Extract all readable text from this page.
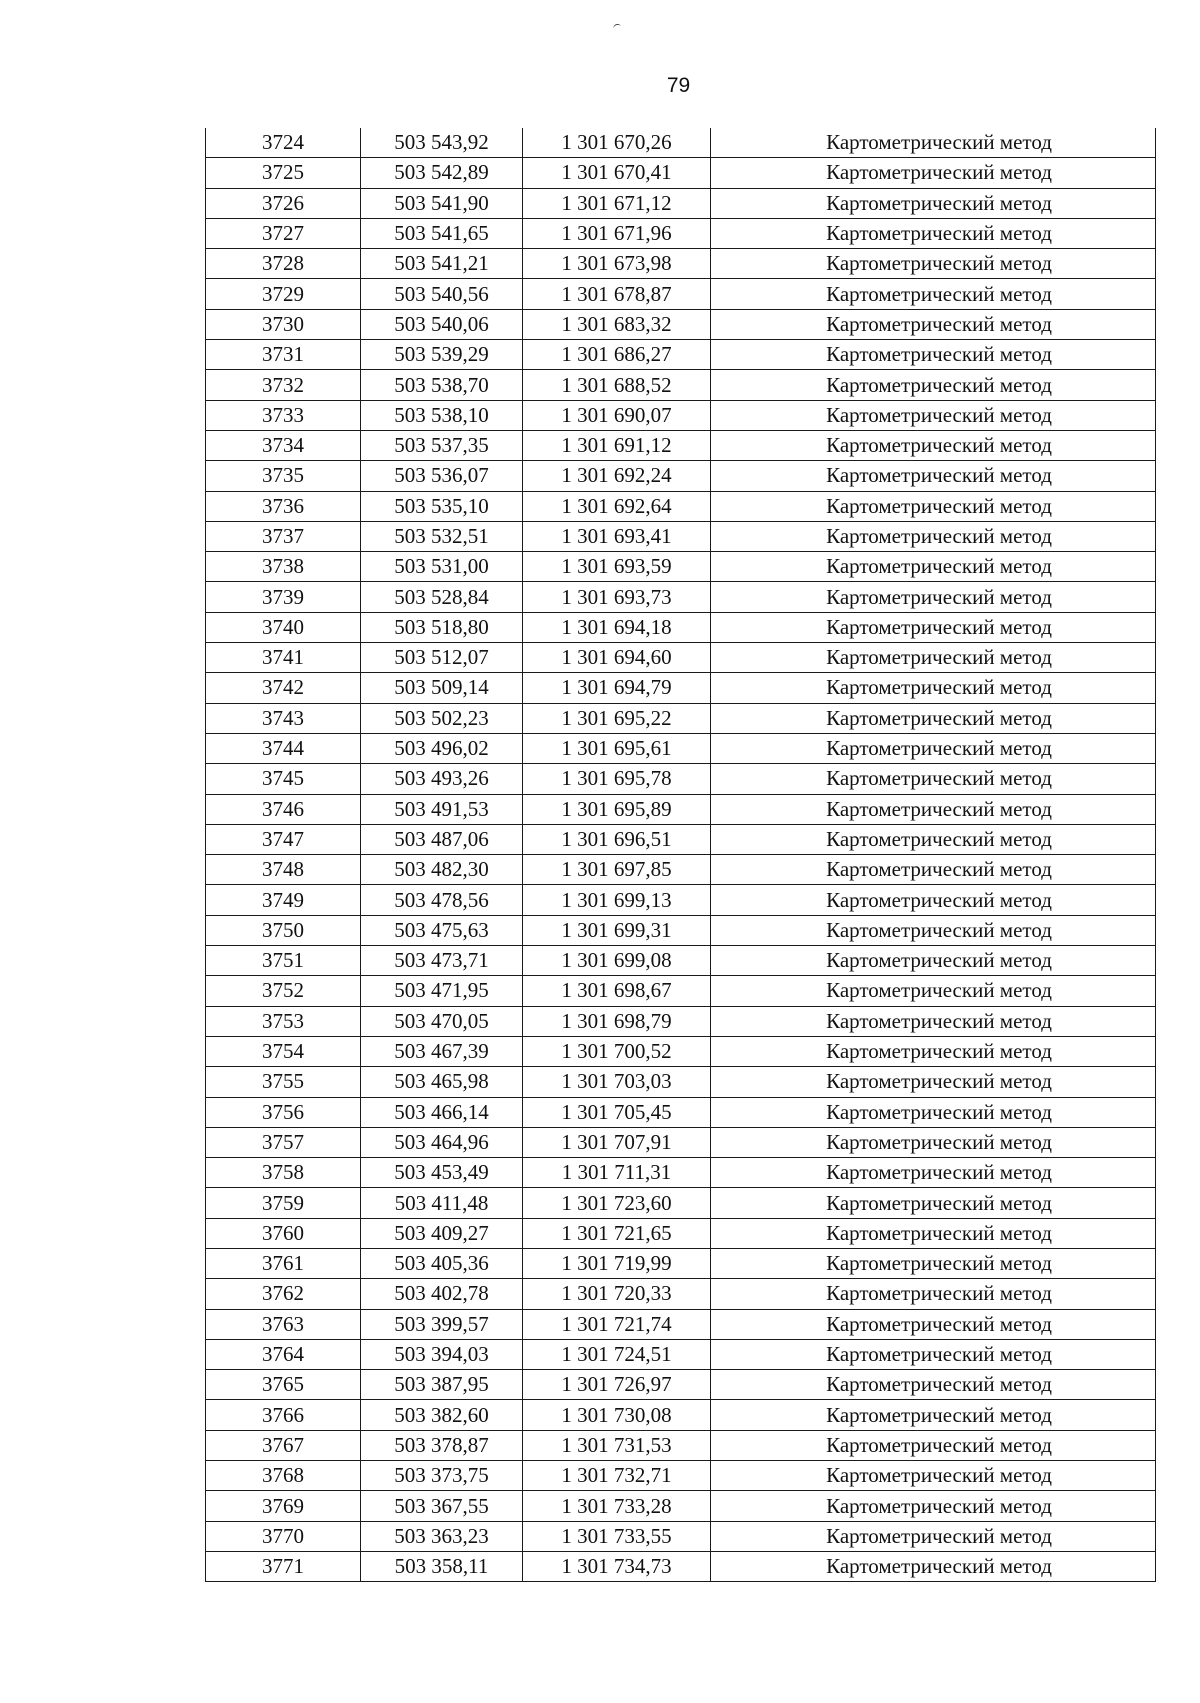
79
3724	503 543,92	1 301 670,26	Картометрический метод
3725	503 542,89	1 301 670,41	Картометрический метод
3726	503 541,90	1 301 671,12	Картометрический метод
3727	503 541,65	1 301 671,96	Картометрический метод
3728	503 541,21	1 301 673,98	Картометрический метод
3729	503 540,56	1 301 678,87	Картометрический метод
3730	503 540,06	1 301 683,32	Картометрический метод
3731	503 539,29	1 301 686,27	Картометрический метод
3732	503 538,70	1 301 688,52	Картометрический метод
3733	503 538,10	1 301 690,07	Картометрический метод
3734	503 537,35	1 301 691,12	Картометрический метод
3735	503 536,07	1 301 692,24	Картометрический метод
3736	503 535,10	1 301 692,64	Картометрический метод
3737	503 532,51	1 301 693,41	Картометрический метод
3738	503 531,00	1 301 693,59	Картометрический метод
3739	503 528,84	1 301 693,73	Картометрический метод
3740	503 518,80	1 301 694,18	Картометрический метод
3741	503 512,07	1 301 694,60	Картометрический метод
3742	503 509,14	1 301 694,79	Картометрический метод
3743	503 502,23	1 301 695,22	Картометрический метод
3744	503 496,02	1 301 695,61	Картометрический метод
3745	503 493,26	1 301 695,78	Картометрический метод
3746	503 491,53	1 301 695,89	Картометрический метод
3747	503 487,06	1 301 696,51	Картометрический метод
3748	503 482,30	1 301 697,85	Картометрический метод
3749	503 478,56	1 301 699,13	Картометрический метод
3750	503 475,63	1 301 699,31	Картометрический метод
3751	503 473,71	1 301 699,08	Картометрический метод
3752	503 471,95	1 301 698,67	Картометрический метод
3753	503 470,05	1 301 698,79	Картометрический метод
3754	503 467,39	1 301 700,52	Картометрический метод
3755	503 465,98	1 301 703,03	Картометрический метод
3756	503 466,14	1 301 705,45	Картометрический метод
3757	503 464,96	1 301 707,91	Картометрический метод
3758	503 453,49	1 301 711,31	Картометрический метод
3759	503 411,48	1 301 723,60	Картометрический метод
3760	503 409,27	1 301 721,65	Картометрический метод
3761	503 405,36	1 301 719,99	Картометрический метод
3762	503 402,78	1 301 720,33	Картометрический метод
3763	503 399,57	1 301 721,74	Картометрический метод
3764	503 394,03	1 301 724,51	Картометрический метод
3765	503 387,95	1 301 726,97	Картометрический метод
3766	503 382,60	1 301 730,08	Картометрический метод
3767	503 378,87	1 301 731,53	Картометрический метод
3768	503 373,75	1 301 732,71	Картометрический метод
3769	503 367,55	1 301 733,28	Картометрический метод
3770	503 363,23	1 301 733,55	Картометрический метод
3771	503 358,11	1 301 734,73	Картометрический метод
